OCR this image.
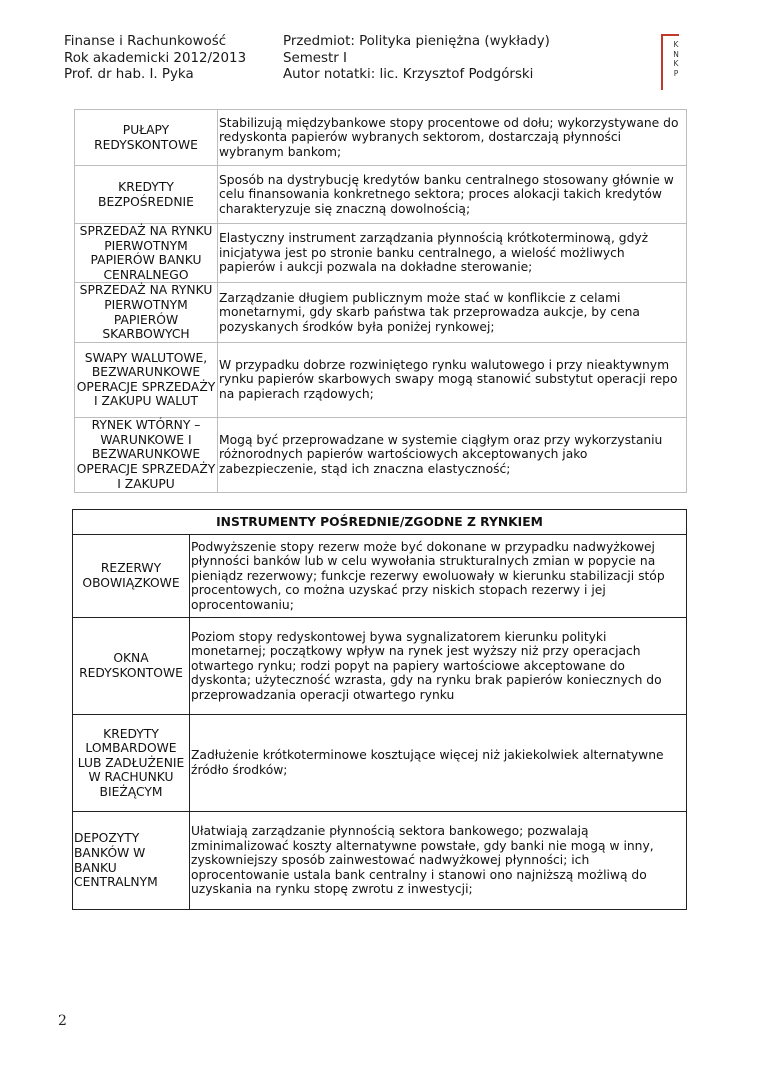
Finanse i Rachunkowość
Rok akademicki 2012/2013
Prof. dr hab. I. Pyka
Przedmiot: Polityka pieniężna (wykłady)
Semestr I
Autor notatki: lic. Krzysztof Podgórski
K
N
K
P
PUŁAPY REDYSKONTOWE	Stabilizują międzybankowe stopy procentowe od dołu; wykorzystywane do redyskonta papierów wybranych sektorom, dostarczają płynności wybranym bankom;
KREDYTY BEZPOŚREDNIE	Sposób na dystrybucję kredytów banku centralnego stosowany głównie w celu finansowania konkretnego sektora; proces alokacji takich kredytów charakteryzuje się znaczną dowolnością;
SPRZEDAŻ NA RYNKU PIERWOTNYM PAPIERÓW BANKU CENRALNEGO	Elastyczny instrument zarządzania płynnością krótkoterminową, gdyż inicjatywa jest po stronie banku centralnego, a wielość możliwych papierów i aukcji pozwala na dokładne sterowanie;
SPRZEDAŻ NA RYNKU PIERWOTNYM PAPIERÓW SKARBOWYCH	Zarządzanie długiem publicznym może stać w konflikcie z celami monetarnymi, gdy skarb państwa tak przeprowadza aukcje, by cena pozyskanych środków była poniżej rynkowej;
SWAPY WALUTOWE, BEZWARUNKOWE OPERACJE SPRZEDAŻY I ZAKUPU WALUT	W przypadku dobrze rozwiniętego rynku walutowego i przy nieaktywnym rynku papierów skarbowych swapy mogą stanowić substytut operacji repo na papierach rządowych;
RYNEK WTÓRNY – WARUNKOWE I BEZWARUNKOWE OPERACJE SPRZEDAŻY I ZAKUPU	Mogą być przeprowadzane w systemie ciągłym oraz przy wykorzystaniu różnorodnych papierów wartościowych akceptowanych jako zabezpieczenie, stąd ich znaczna elastyczność;
INSTRUMENTY POŚREDNIE/ZGODNE Z RYNKIEM	
REZERWY OBOWIĄZKOWE	Podwyższenie stopy rezerw może być dokonane w przypadku nadwyżkowej płynności banków lub w celu wywołania strukturalnych zmian w popycie na pieniądz rezerwowy; funkcje rezerwy ewoluowały w kierunku stabilizacji stóp procentowych, co można uzyskać przy niskich stopach rezerwy i jej oprocentowaniu;
OKNA REDYSKONTOWE	Poziom stopy redyskontowej bywa sygnalizatorem kierunku polityki monetarnej; początkowy wpływ na rynek jest wyższy niż przy operacjach otwartego rynku; rodzi popyt na papiery wartościowe akceptowane do dyskonta; użyteczność wzrasta, gdy na rynku brak papierów koniecznych do przeprowadzania operacji otwartego rynku
KREDYTY LOMBARDOWE LUB ZADŁUŻENIE W RACHUNKU BIEŻĄCYM	Zadłużenie krótkoterminowe kosztujące więcej niż jakiekolwiek alternatywne źródło środków;
DEPOZYTY BANKÓW W BANKU CENTRALNYM	Ułatwiają zarządzanie płynnością sektora bankowego; pozwalają zminimalizować koszty alternatywne powstałe, gdy banki nie mogą w inny, zyskowniejszy sposób zainwestować nadwyżkowej płynności; ich oprocentowanie ustala bank centralny i stanowi ono najniższą możliwą do uzyskania na rynku stopę zwrotu z inwestycji;
2
